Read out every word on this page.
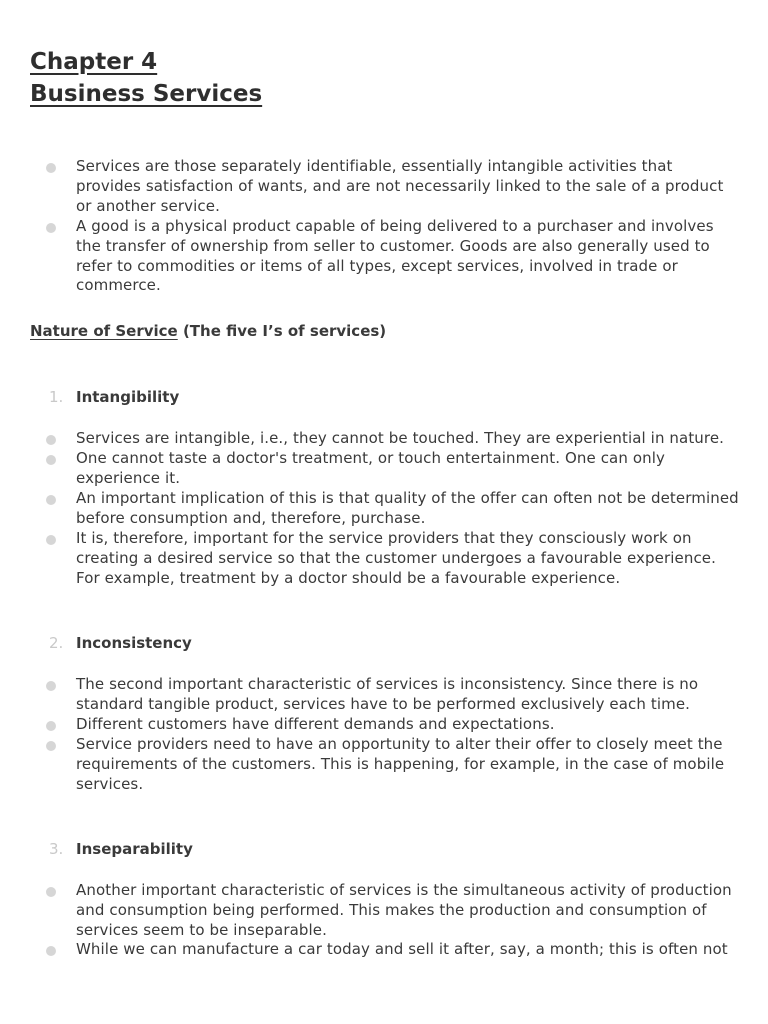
Chapter 4
Business Services
Services are those separately identifiable, essentially intangible activities that provides satisfaction of wants, and are not necessarily linked to the sale of a product or another service.
A good is a physical product capable of being delivered to a purchaser and involves the transfer of ownership from seller to customer. Goods are also generally used to refer to commodities or items of all types, except services, involved in trade or commerce.
Nature of Service (The five I’s of services)
1. Intangibility
Services are intangible, i.e., they cannot be touched. They are experiential in nature.
One cannot taste a doctor's treatment, or touch entertainment. One can only experience it.
An important implication of this is that quality of the offer can often not be determined before consumption and, therefore, purchase.
It is, therefore, important for the service providers that they consciously work on creating a desired service so that the customer undergoes a favourable experience. For example, treatment by a doctor should be a favourable experience.
2. Inconsistency
The second important characteristic of services is inconsistency. Since there is no standard tangible product, services have to be performed exclusively each time.
Different customers have different demands and expectations.
Service providers need to have an opportunity to alter their offer to closely meet the requirements of the customers. This is happening, for example, in the case of mobile services.
3. Inseparability
Another important characteristic of services is the simultaneous activity of production and consumption being performed. This makes the production and consumption of services seem to be inseparable.
While we can manufacture a car today and sell it after, say, a month; this is often not
